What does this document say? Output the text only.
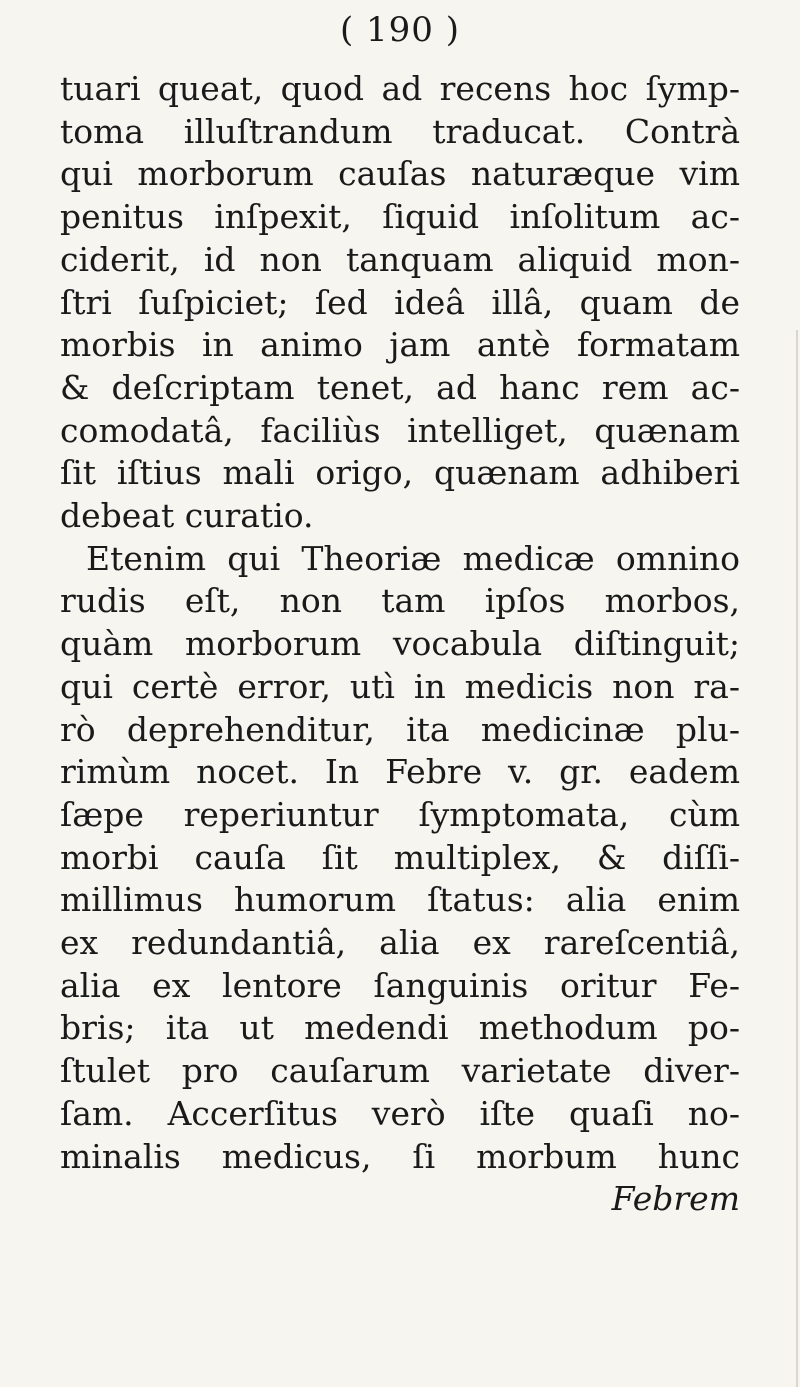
( 190 )
tuari queat, quod ad recens hoc ſymp-
toma illuſtrandum traducat. Contrà
qui morborum cauſas naturæque vim
penitus inſpexit, ſiquid inſolitum ac-
ciderit, id non tanquam aliquid mon-
ſtri ſuſpiciet; ſed ideâ illâ, quam de
morbis in animo jam antè formatam
& deſcriptam tenet, ad hanc rem ac-
comodatâ, faciliùs intelliget, quænam
ſit iſtius mali origo, quænam adhiberi
debeat curatio.
Etenim qui Theoriæ medicæ omnino
rudis eſt, non tam ipſos morbos,
quàm morborum vocabula diſtinguit;
qui certè error, utì in medicis non ra-
rò deprehenditur, ita medicinæ plu-
rimùm nocet. In Febre v. gr. eadem
ſæpe reperiuntur ſymptomata, cùm
morbi cauſa ſit multiplex, & diſſi-
millimus humorum ſtatus: alia enim
ex redundantiâ, alia ex rareſcentiâ,
alia ex lentore ſanguinis oritur Fe-
bris; ita ut medendi methodum po-
ſtulet pro cauſarum varietate diver-
ſam. Accerſitus verò iſte quaſi no-
minalis medicus, ſi morbum hunc
Febrem
